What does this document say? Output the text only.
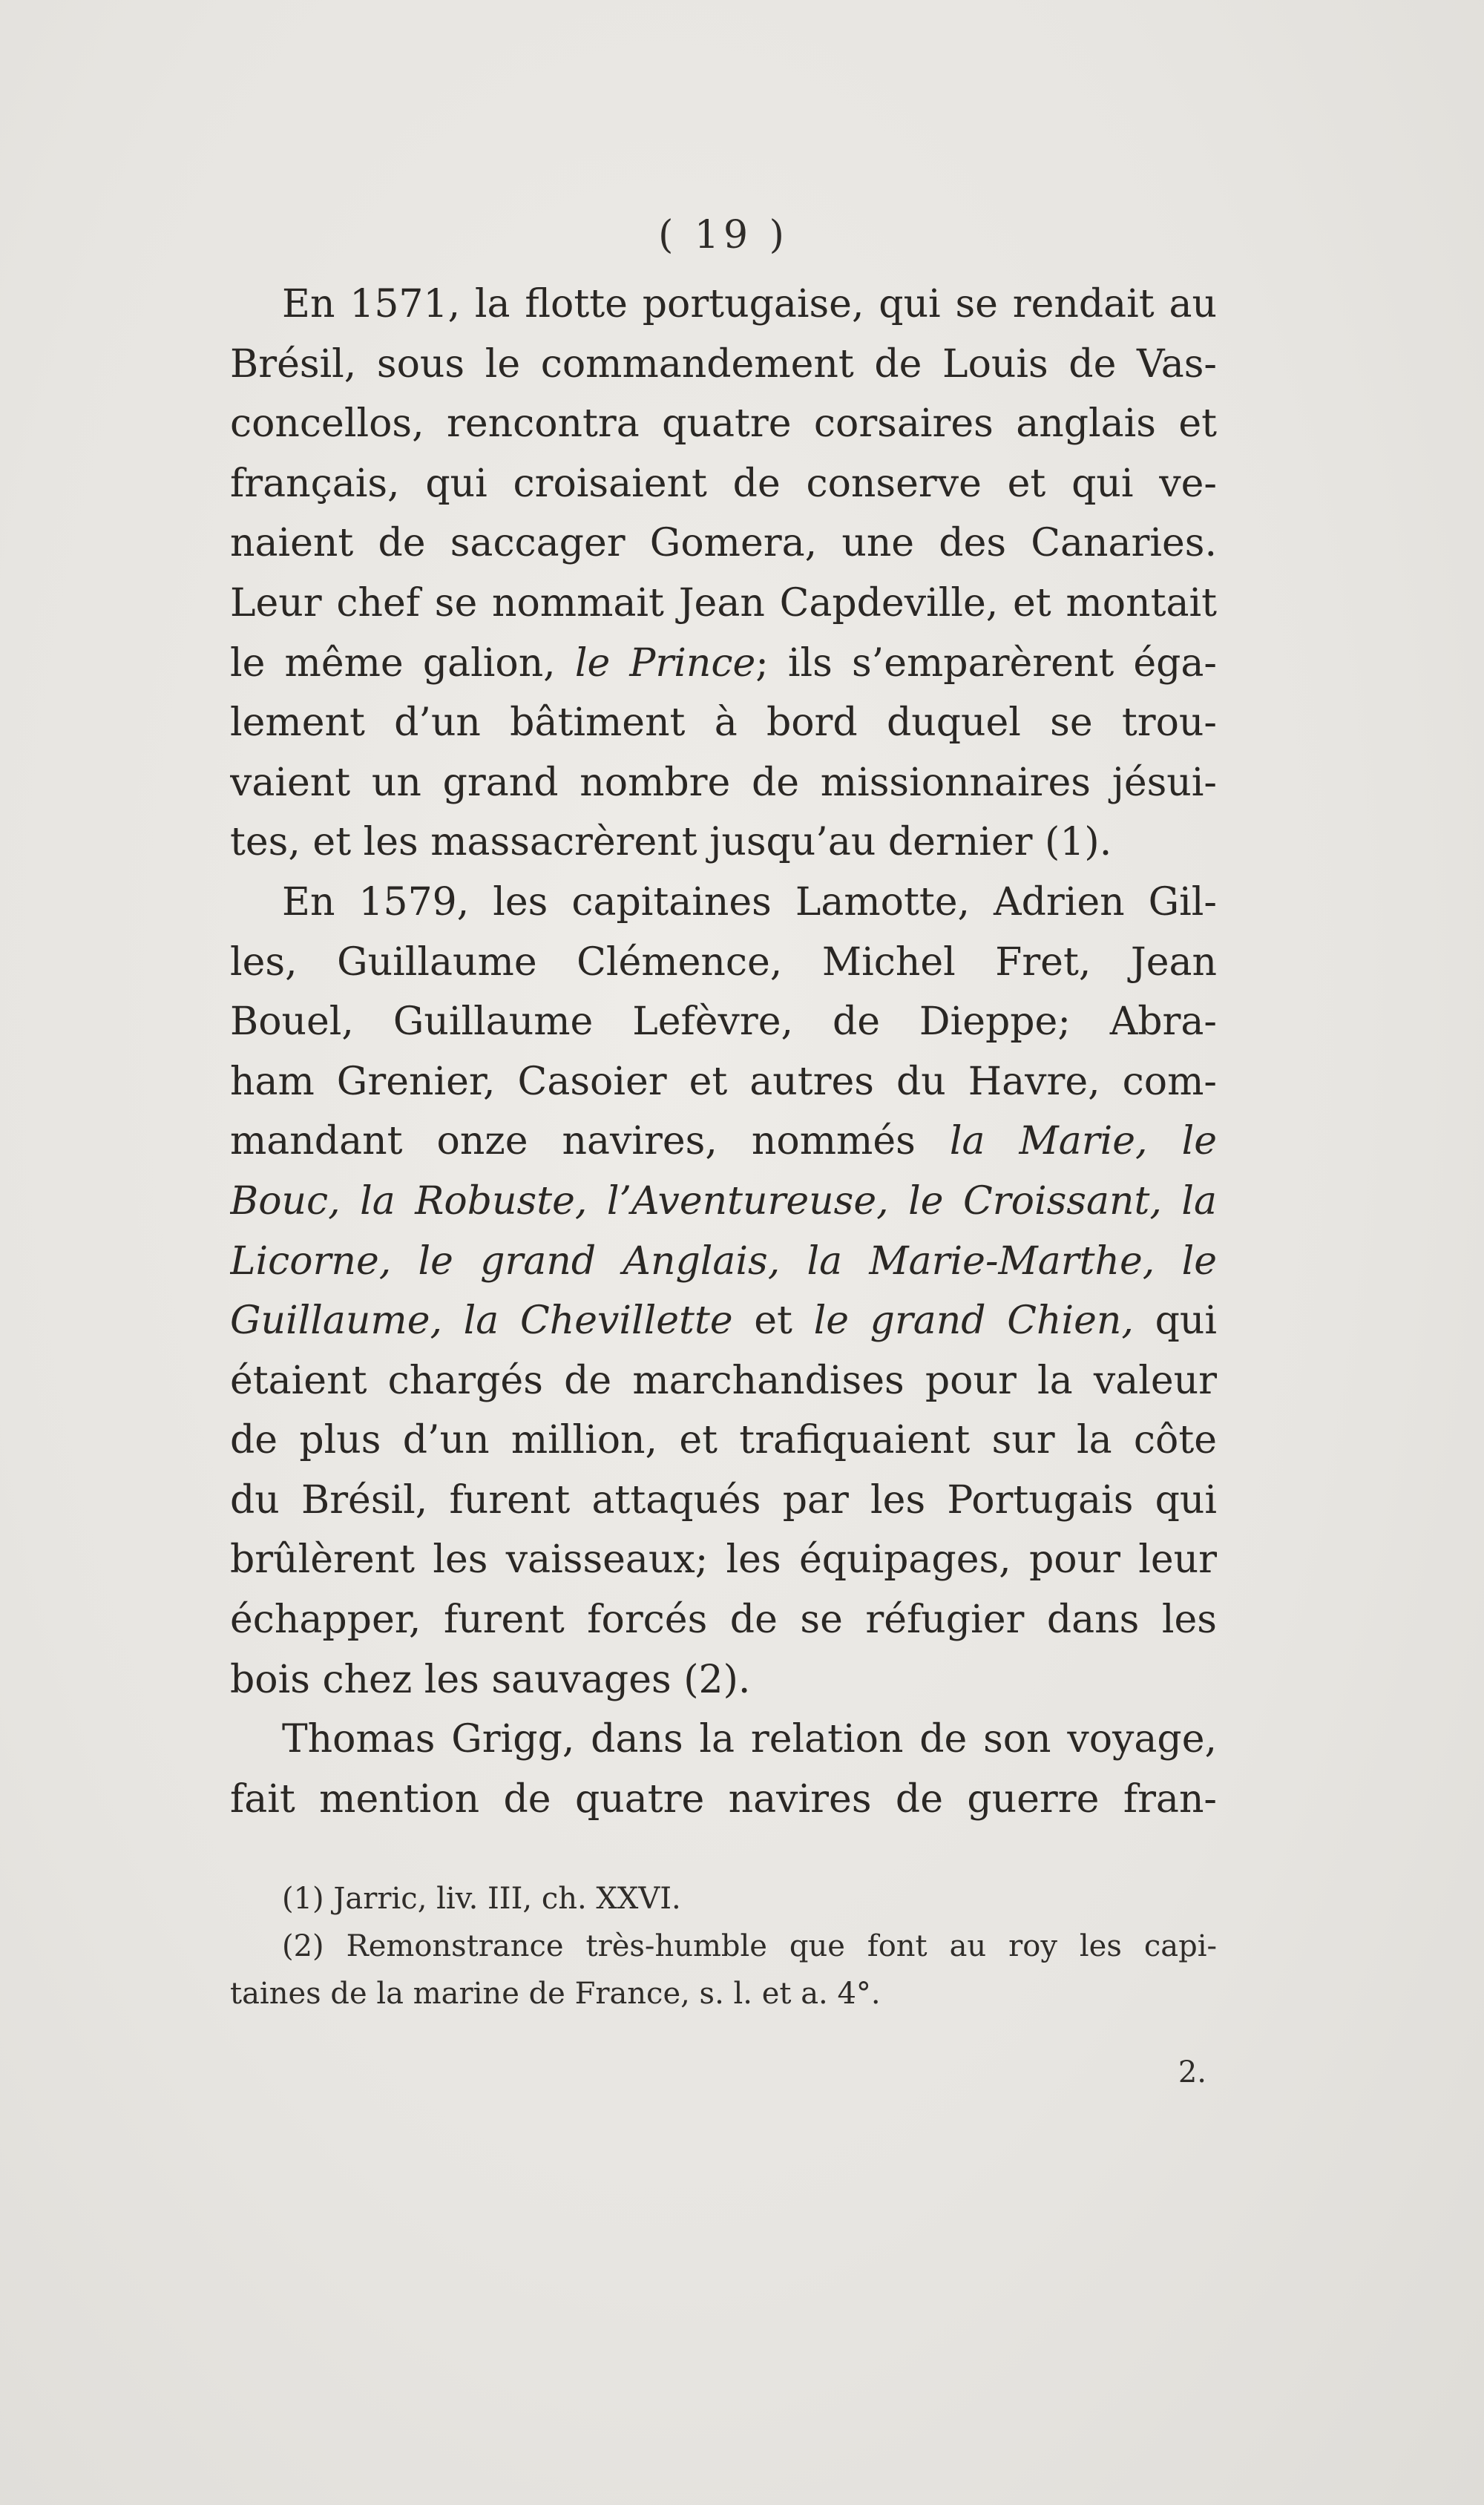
( 19 )
En 1571, la flotte portugaise, qui se rendait au
Brésil, sous le commandement de Louis de Vas-
concellos, rencontra quatre corsaires anglais et
français, qui croisaient de conserve et qui ve-
naient de saccager Gomera, une des Canaries.
Leur chef se nommait Jean Capdeville, et montait
le même galion, le Prince; ils s’emparèrent éga-
lement d’un bâtiment à bord duquel se trou-
vaient un grand nombre de missionnaires jésui-
tes, et les massacrèrent jusqu’au dernier (1).
En 1579, les capitaines Lamotte, Adrien Gil-
les, Guillaume Clémence, Michel Fret, Jean
Bouel, Guillaume Lefèvre, de Dieppe; Abra-
ham Grenier, Casoier et autres du Havre, com-
mandant onze navires, nommés la Marie, le
Bouc, la Robuste, l’Aventureuse, le Croissant, la
Licorne, le grand Anglais, la Marie-Marthe, le
Guillaume, la Chevillette et le grand Chien, qui
étaient chargés de marchandises pour la valeur
de plus d’un million, et trafiquaient sur la côte
du Brésil, furent attaqués par les Portugais qui
brûlèrent les vaisseaux; les équipages, pour leur
échapper, furent forcés de se réfugier dans les
bois chez les sauvages (2).
Thomas Grigg, dans la relation de son voyage,
fait mention de quatre navires de guerre fran-
(1) Jarric, liv. III, ch. XXVI.
(2) Remonstrance très-humble que font au roy les capi-
taines de la marine de France, s. l. et a. 4°.
2.
